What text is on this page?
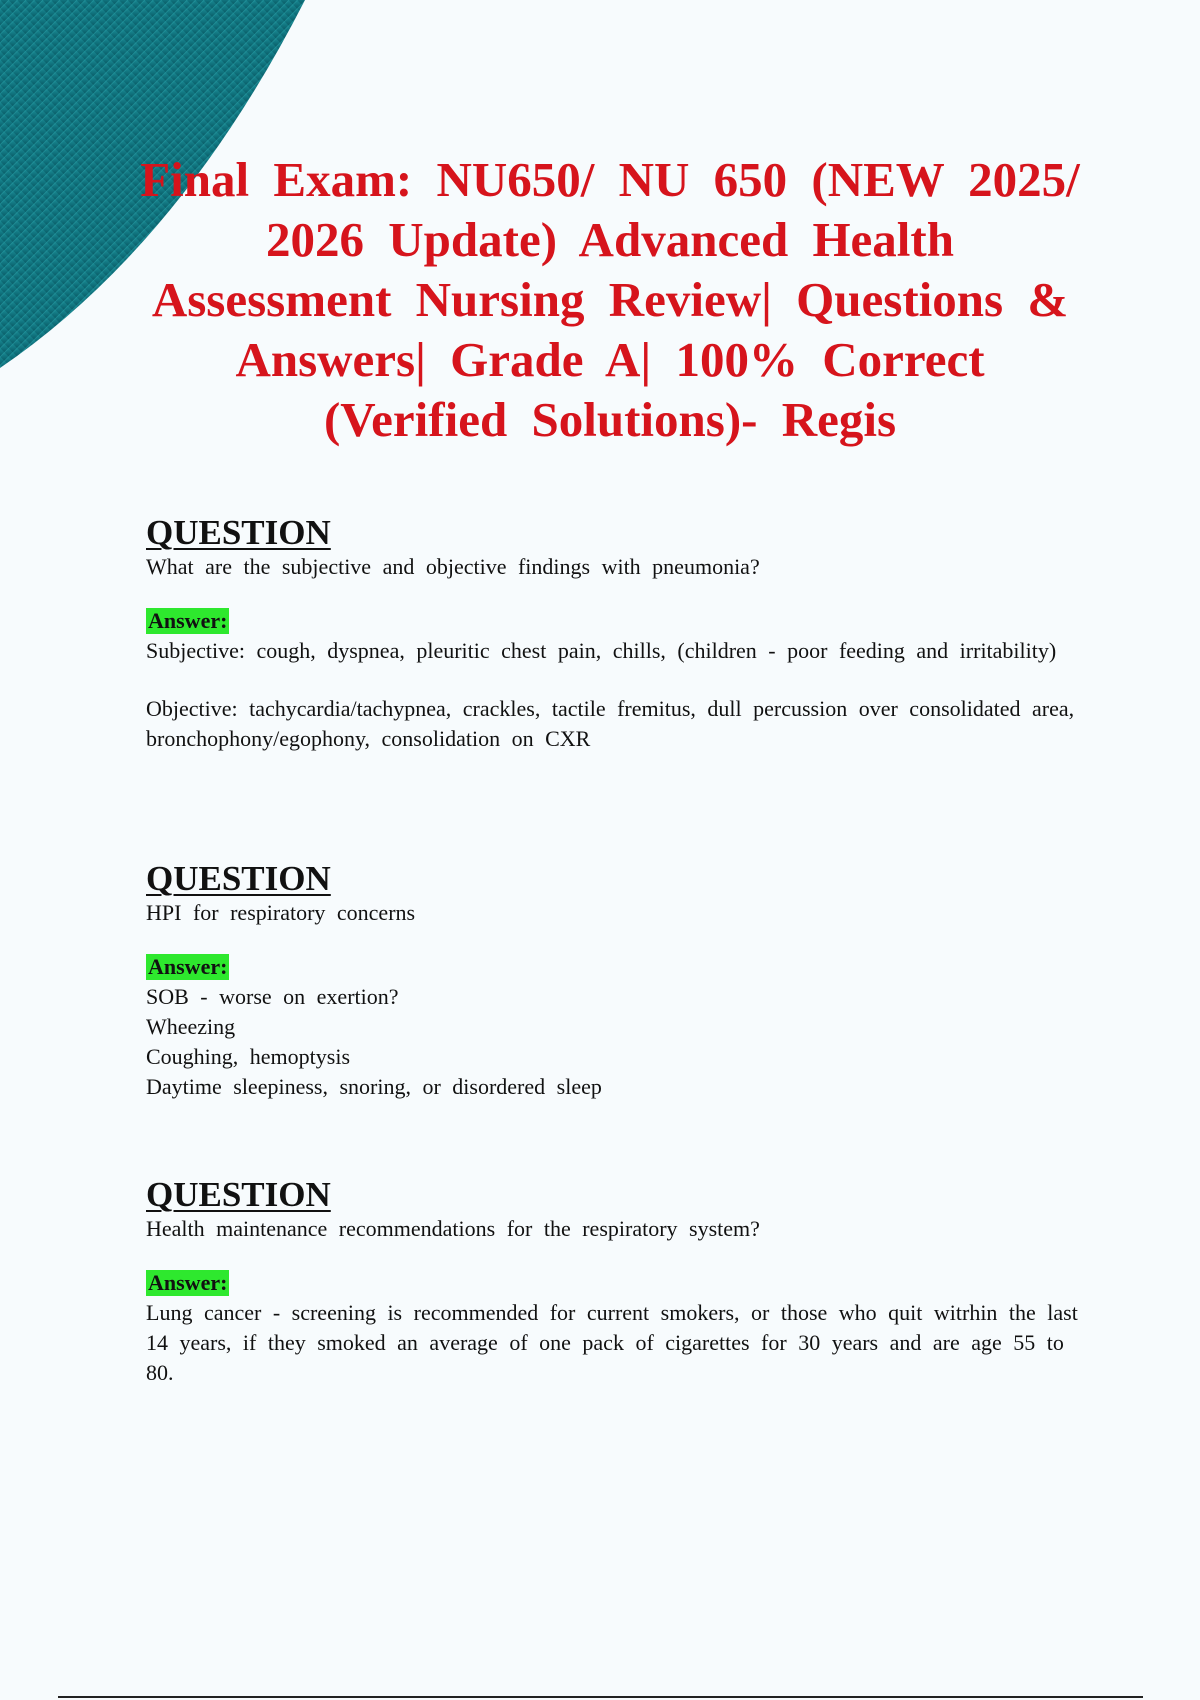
Final Exam: NU650/ NU 650 (NEW 2025/ 2026 Update) Advanced Health Assessment Nursing Review| Questions & Answers| Grade A| 100% Correct (Verified Solutions)- Regis
QUESTION
What are the subjective and objective findings with pneumonia?
Answer:
Subjective: cough, dyspnea, pleuritic chest pain, chills, (children - poor feeding and irritability)
Objective: tachycardia/tachypnea, crackles, tactile fremitus, dull percussion over consolidated area, bronchophony/egophony, consolidation on CXR
QUESTION
HPI for respiratory concerns
Answer:
SOB - worse on exertion?
Wheezing
Coughing, hemoptysis
Daytime sleepiness, snoring, or disordered sleep
QUESTION
Health maintenance recommendations for the respiratory system?
Answer:
Lung cancer - screening is recommended for current smokers, or those who quit witrhin the last 14 years, if they smoked an average of one pack of cigarettes for 30 years and are age 55 to 80.
